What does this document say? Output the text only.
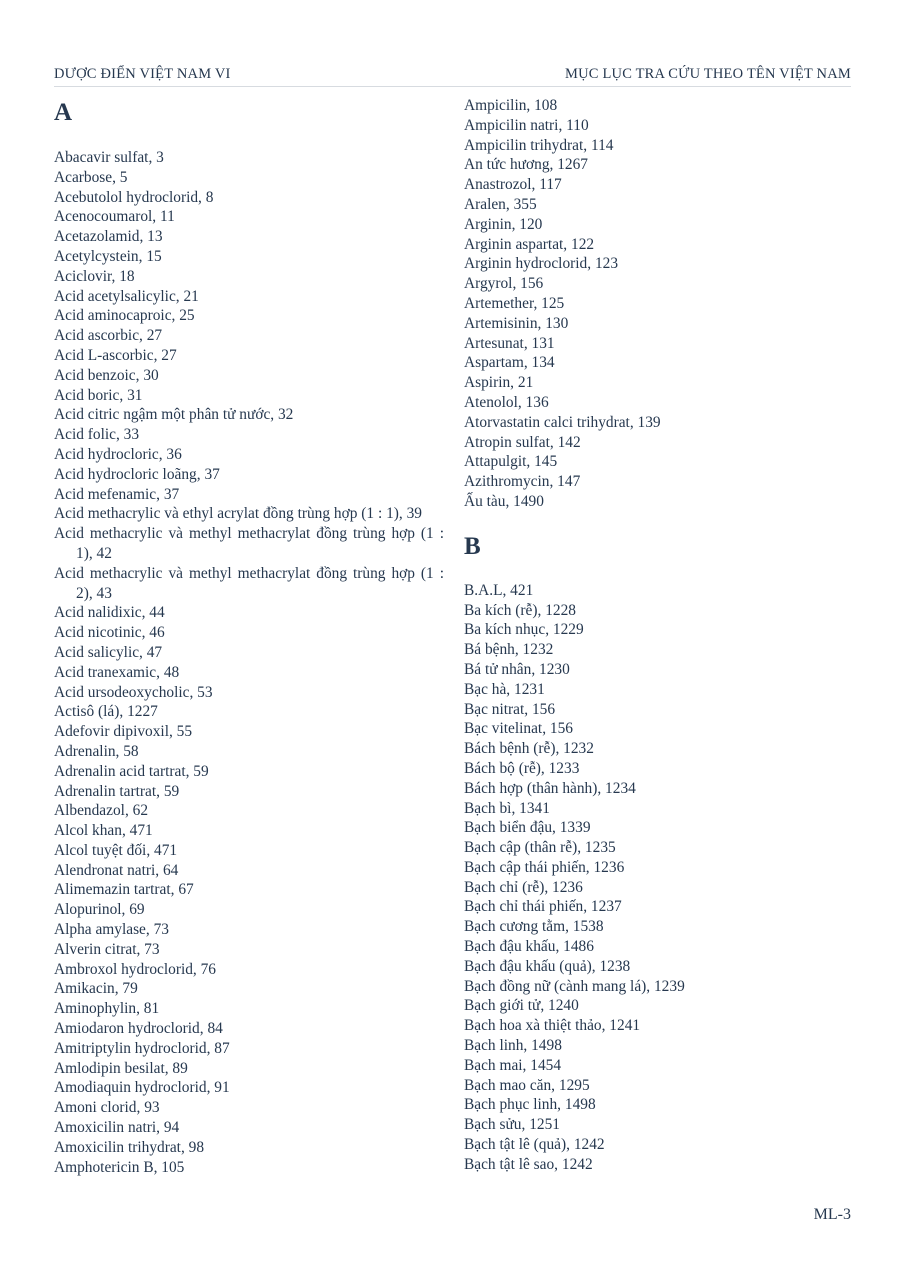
DƯỢC ĐIỂN VIỆT NAM VI	MỤC LỤC TRA CỨU THEO TÊN VIỆT NAM
A
Abacavir sulfat, 3
Acarbose, 5
Acebutolol hydroclorid, 8
Acenocoumarol, 11
Acetazolamid, 13
Acetylcystein, 15
Aciclovir, 18
Acid acetylsalicylic, 21
Acid aminocaproic, 25
Acid ascorbic, 27
Acid L-ascorbic, 27
Acid benzoic, 30
Acid boric, 31
Acid citric ngậm một phân tử nước, 32
Acid folic, 33
Acid hydrocloric, 36
Acid hydrocloric loãng, 37
Acid mefenamic, 37
Acid methacrylic và ethyl acrylat đồng trùng hợp (1 : 1), 39
Acid methacrylic và methyl methacrylat đồng trùng hợp (1 : 1), 42
Acid methacrylic và methyl methacrylat đồng trùng hợp (1 : 2), 43
Acid nalidixic, 44
Acid nicotinic, 46
Acid salicylic, 47
Acid tranexamic, 48
Acid ursodeoxycholic, 53
Actisô (lá), 1227
Adefovir dipivoxil, 55
Adrenalin, 58
Adrenalin acid tartrat, 59
Adrenalin tartrat, 59
Albendazol, 62
Alcol khan, 471
Alcol tuyệt đối, 471
Alendronat natri, 64
Alimemazin tartrat, 67
Alopurinol, 69
Alpha amylase, 73
Alverin citrat, 73
Ambroxol hydroclorid, 76
Amikacin, 79
Aminophylin, 81
Amiodaron hydroclorid, 84
Amitriptylin hydroclorid, 87
Amlodipin besilat, 89
Amodiaquin hydroclorid, 91
Amoni clorid, 93
Amoxicilin natri, 94
Amoxicilin trihydrat, 98
Amphotericin B, 105
Ampicilin, 108
Ampicilin natri, 110
Ampicilin trihydrat, 114
An tức hương, 1267
Anastrozol, 117
Aralen, 355
Arginin, 120
Arginin aspartat, 122
Arginin hydroclorid, 123
Argyrol, 156
Artemether, 125
Artemisinin, 130
Artesunat, 131
Aspartam, 134
Aspirin, 21
Atenolol, 136
Atorvastatin calci trihydrat, 139
Atropin sulfat, 142
Attapulgit, 145
Azithromycin, 147
Ấu tàu, 1490
B
B.A.L, 421
Ba kích (rễ), 1228
Ba kích nhục, 1229
Bá bệnh, 1232
Bá tử nhân, 1230
Bạc hà, 1231
Bạc nitrat, 156
Bạc vitelinat, 156
Bách bệnh (rễ), 1232
Bách bộ (rễ), 1233
Bách hợp (thân hành), 1234
Bạch bì, 1341
Bạch biển đậu, 1339
Bạch cập (thân rễ), 1235
Bạch cập thái phiến, 1236
Bạch chỉ (rễ), 1236
Bạch chỉ thái phiến, 1237
Bạch cương tằm, 1538
Bạch đậu khấu, 1486
Bạch đậu khấu (quả), 1238
Bạch đồng nữ (cành mang lá), 1239
Bạch giới tử, 1240
Bạch hoa xà thiệt thảo, 1241
Bạch linh, 1498
Bạch mai, 1454
Bạch mao căn, 1295
Bạch phục linh, 1498
Bạch sửu, 1251
Bạch tật lê (quả), 1242
Bạch tật lê sao, 1242
ML-3
